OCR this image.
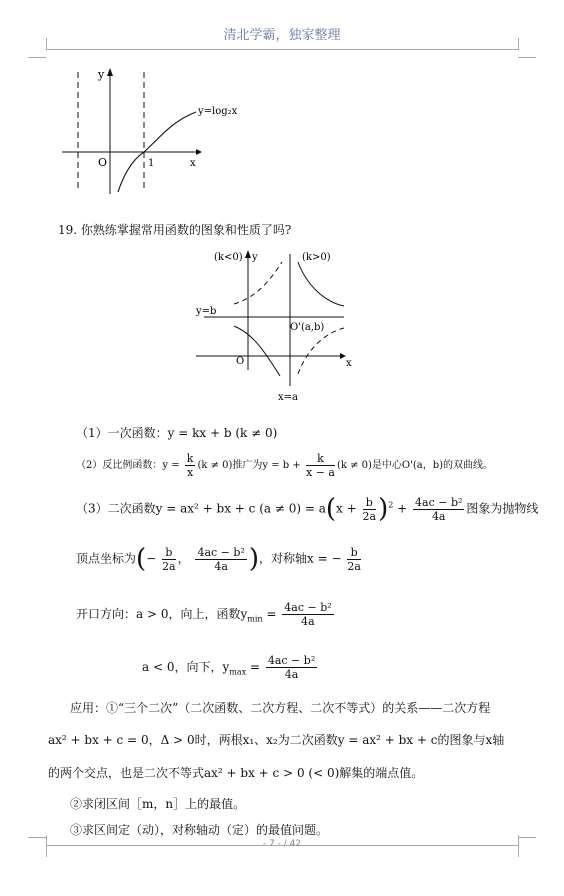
清北学霸，独家整理
y
O	1	x
y=log₂x
19. 你熟练掌握常用函数的图象和性质了吗?
(k<0) y	(k>0)
y=b
O'(a,b)
O	x
x=a
（1）一次函数：y = kx + b (k ≠ 0)
（2）反比例函数：$y = \frac{k}{x} (k \ne 0)$推广为$y = b + \frac{k}{x - a} (k \ne 0)$是中心O'(a，b)的双曲线。
（3）二次函数y = ax² + bx + c $(a \ne 0) = a(x + \frac{b}{2a} )^2 + \frac{\text{4ac − b²}}{4a}$ 图象为抛物线
顶点坐标为(− $\frac{b}{2a}$ ， $\frac{\text{4ac − b²}}{4a}$ )，对称轴x = − $\frac{b}{2a}$
开口方向：a > 0，向上，函数$y_{min} = \frac{\text{4ac − b²}}{4a}$
a < 0，向下，$y_{max} = \frac{\text{4ac − b²}}{4a}$
应用：①“三个二次”（二次函数、二次方程、二次不等式）的关系——二次方程
ax² + bx + c = 0，Δ > 0时，两根x₁、x₂为二次函数y = ax² + bx + c的图象与x轴
的两个交点，也是二次不等式ax² + bx + c > 0 (< 0)解集的端点值。
②求闭区间［m，n］上的最值。
③求区间定（动），对称轴动（定）的最值问题。
- 7 - / 42
